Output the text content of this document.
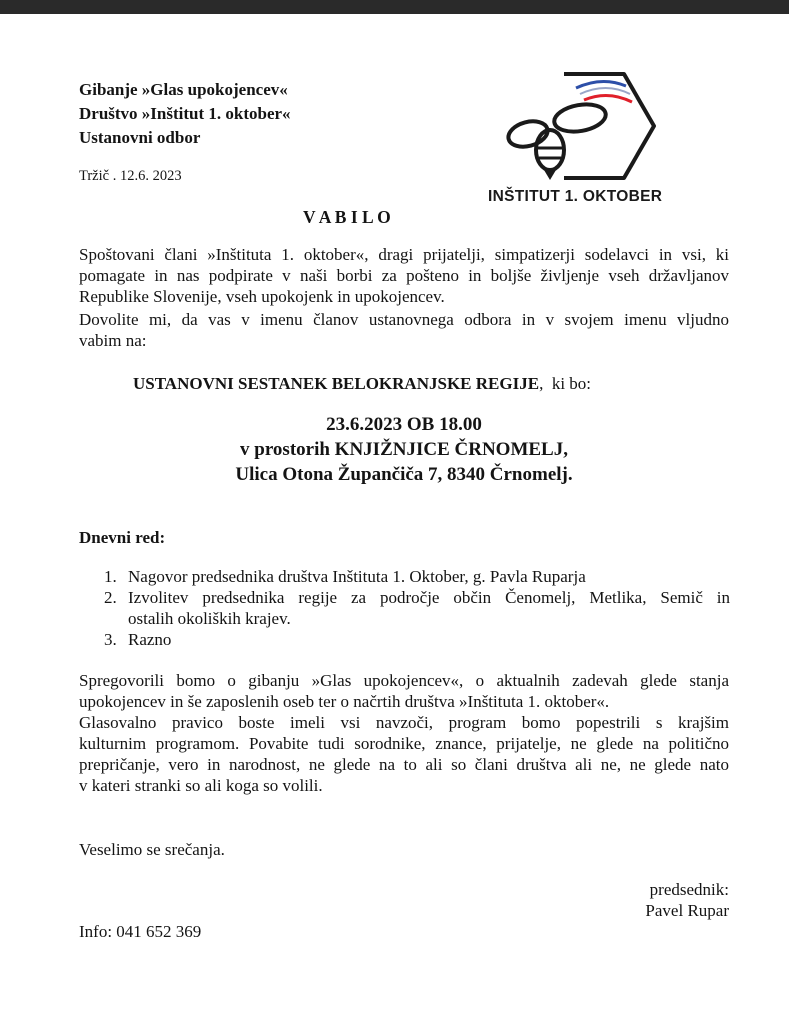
Gibanje »Glas upokojencev«
Društvo »Inštitut 1. oktober«
Ustanovni odbor
Tržič . 12.6. 2023
INŠTITUT 1. OKTOBER
V A B I L O
Spoštovani člani »Inštituta 1. oktober«, dragi prijatelji, simpatizerji sodelavci in vsi, ki
pomagate in nas podpirate v naši borbi za pošteno in boljše življenje vseh državljanov
Republike Slovenije, vseh upokojenk in upokojencev.
Dovolite mi, da vas v imenu članov ustanovnega odbora in v svojem imenu vljudno
vabim na:
USTANOVNI SESTANEK BELOKRANJSKE REGIJE,  ki bo:
23.6.2023 OB 18.00
v prostorih KNJIŽNJICE ČRNOMELJ,
Ulica Otona Župančiča 7, 8340 Črnomelj.
Dnevni red:
1. Nagovor predsednika društva Inštituta 1. Oktober, g. Pavla Ruparja
2. Izvolitev predsednika regije za področje občin Čenomelj, Metlika, Semič in
ostalih okoliških krajev.
3. Razno
Spregovorili bomo o gibanju »Glas upokojencev«, o aktualnih zadevah glede stanja
upokojencev in še zaposlenih oseb ter o načrtih društva »Inštituta 1. oktober«.
Glasovalno pravico boste imeli vsi navzoči, program bomo popestrili s krajšim
kulturnim programom. Povabite tudi sorodnike, znance, prijatelje, ne glede na politično
prepričanje, vero in narodnost, ne glede na to ali so člani društva ali ne, ne glede nato
v kateri stranki so ali koga so volili.
Veselimo se srečanja.
predsednik:
Pavel Rupar
Info: 041 652 369
